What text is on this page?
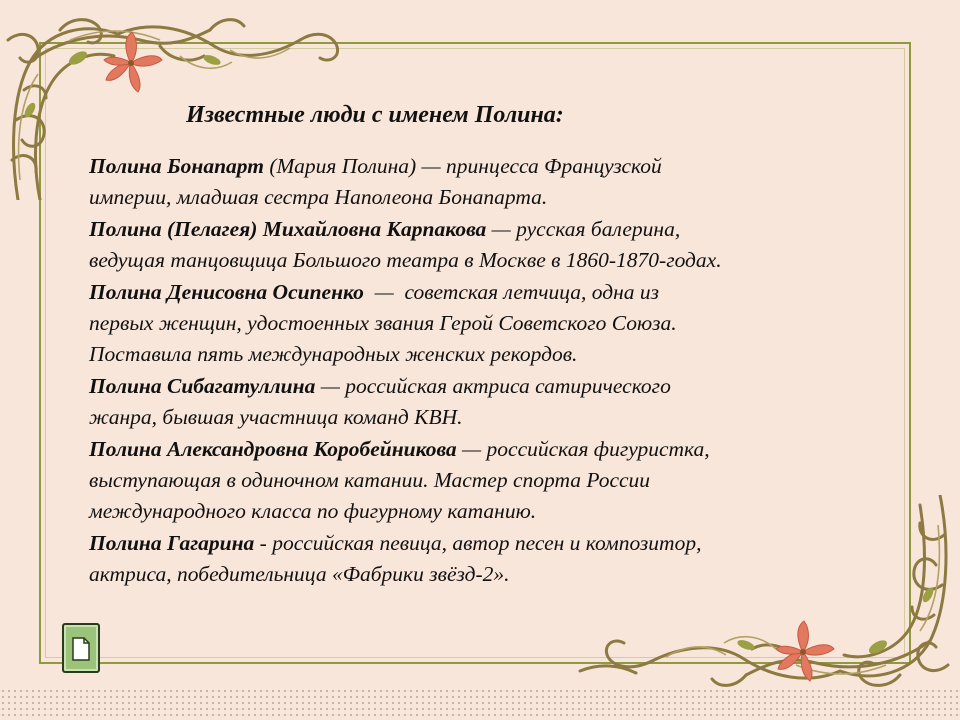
Известные люди с именем Полина:

Полина Бонапарт (Мария Полина) — принцесса Французской

империи, младшая сестра Наполеона Бонапарта.

Полина (Пелагея) Михайловна Карпакова — русская балерина,

ведущая танцовщица Большого театра в Москве в 1860-1870-годах.

Полина Денисовна Осипенко  —  советская летчица, одна из

первых женщин, удостоенных звания Герой Советского Союза.

Поставила пять международных женских рекордов.

Полина Сибагатуллина — российская актриса сатирического

жанра, бывшая участница команд КВН.

Полина Александровна Коробейникова — российская фигуристка,

выступающая в одиночном катании. Мастер спорта России

международного класса по фигурному катанию.

Полина Гагарина - российская певица, автор песен и композитор,

актриса, победительница «Фабрики звёзд-2».
